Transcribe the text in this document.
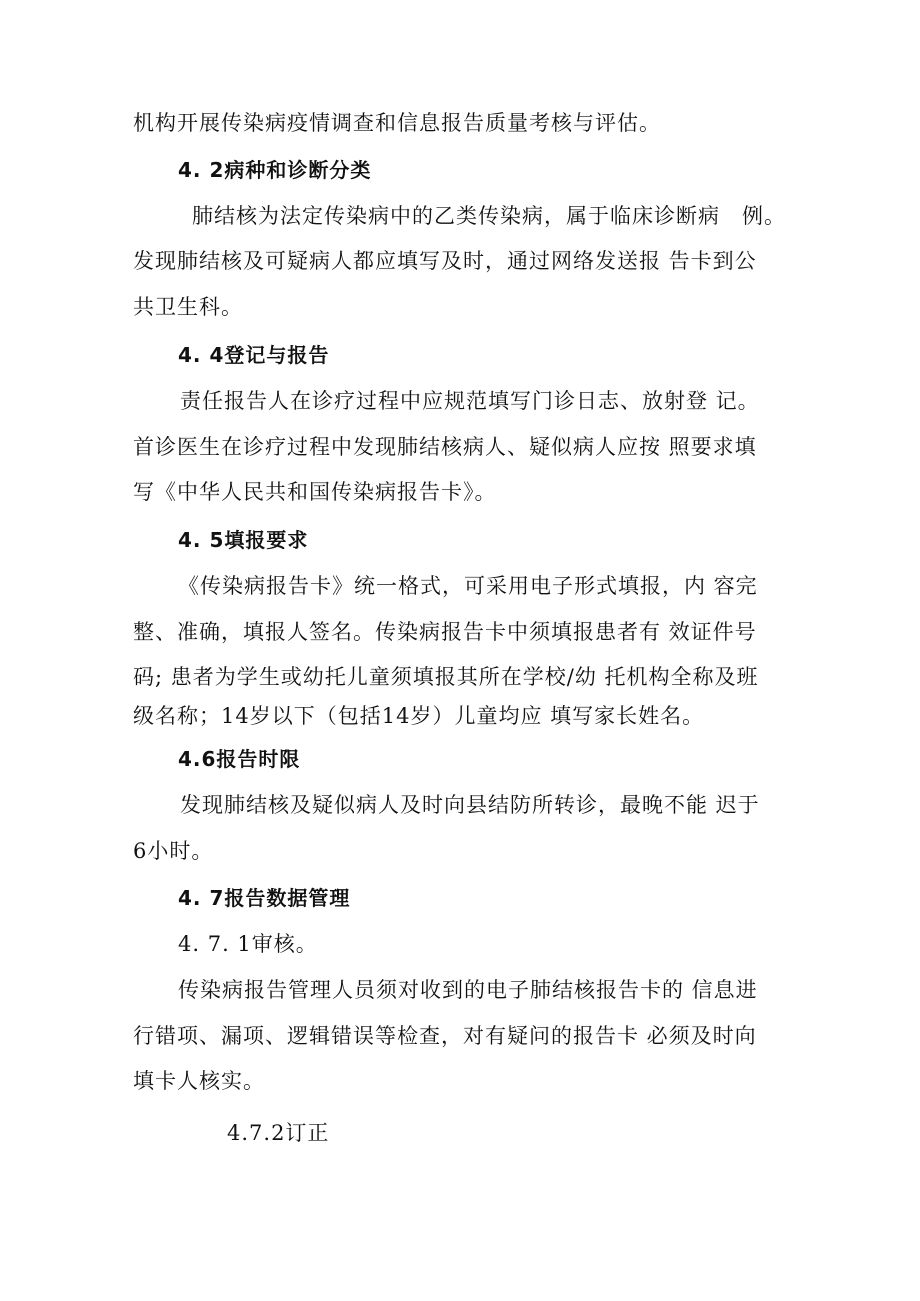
机构开展传染病疫情调查和信息报告质量考核与评估。
4. 2病种和诊断分类
肺结核为法定传染病中的乙类传染病，属于临床诊断病　例。
发现肺结核及可疑病人都应填写及时，通过网络发送报 告卡到公
共卫生科。
4. 4登记与报告
责任报告人在诊疗过程中应规范填写门诊日志、放射登 记。
首诊医生在诊疗过程中发现肺结核病人、疑似病人应按 照要求填
写《中华人民共和国传染病报告卡》。
4. 5填报要求
《传染病报告卡》统一格式，可采用电子形式填报，内 容完
整、准确，填报人签名。传染病报告卡中须填报患者有 效证件号
码; 患者为学生或幼托儿童须填报其所在学校/幼 托机构全称及班
级名称；14岁以下（包括14岁）儿童均应 填写家长姓名。
4.6报告时限
发现肺结核及疑似病人及时向县结防所转诊，最晚不能 迟于
6小时。
4. 7报告数据管理
4. 7. 1审核。
传染病报告管理人员须对收到的电子肺结核报告卡的 信息进
行错项、漏项、逻辑错误等检查，对有疑问的报告卡 必须及时向
填卡人核实。
4.7.2订正
